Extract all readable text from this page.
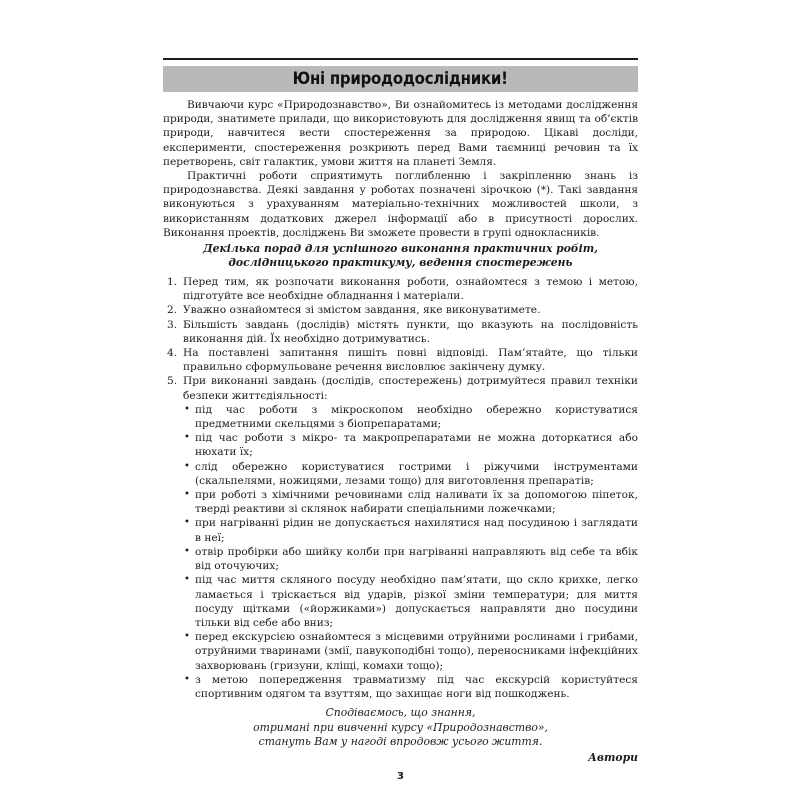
Юні природодослідники!

Вивчаючи курс «Природознавство», Ви ознайомитесь із методами дослідження природи, знатимете прилади, що використовують для дослідження явищ та об’єктів природи, навчитеся вести спостереження за природою. Цікаві досліди, експерименти, спостереження розкриють перед Вами таємниці речовин та їх перетворень, світ галактик, умови життя на планеті Земля.

Практичні роботи сприятимуть поглибленню і закріпленню знань із природознавства. Деякі завдання у роботах позначені зірочкою (*). Такі завдання виконуються з урахуванням матеріально-технічних можливостей школи, з використанням додаткових джерел інформації або в присутності дорослих. Виконання проектів, досліджень Ви зможете провести в групі однокласників.

Декілька порад для успішного виконання практичних робіт,
дослідницького практикуму, ведення спостережень
1. Перед тим, як розпочати виконання роботи, ознайомтеся з темою і метою, підготуйте все необхідне обладнання і матеріали.
2. Уважно ознайомтеся зі змістом завдання, яке виконуватимете.
3. Більшість завдань (дослідів) містять пункти, що вказують на послідовність виконання дій. Їх необхідно дотримуватись.
4. На поставлені запитання пишіть повні відповіді. Пам’ятайте, що тільки правильно сформульоване речення висловлює закінчену думку.
5. При виконанні завдань (дослідів, спостережень) дотримуйтеся правил техніки безпеки життєдіяльності:
• під час роботи з мікроскопом необхідно обережно користуватися предметними скельцями з біопрепаратами;
• під час роботи з мікро- та макропрепаратами не можна доторкатися або нюхати їх;
• слід обережно користуватися гострими і ріжучими інструментами (скальпелями, ножицями, лезами тощо) для виготовлення препаратів;
• при роботі з хімічними речовинами слід наливати їх за допомогою піпеток, тверді реактиви зі склянок набирати спеціальними ложечками;
• при нагріванні рідин не допускається нахилятися над посудиною і заглядати в неї;
• отвір пробірки або шийку колби при нагріванні направляють від себе та вбік від оточуючих;
• під час миття скляного посуду необхідно пам’ятати, що скло крихке, легко ламається і трiскається від ударів, різкої зміни температури; для миття посуду щітками («йоржиками») допускається направляти дно посудини тільки від себе або вниз;
• перед екскурсією ознайомтеся з місцевими отруйними рослинами і грибами, отруйними тваринами (змії, павукоподібні тощо), переносниками інфекційних захворювань (гризуни, кліщі, комахи тощо);
• з метою попередження травматизму під час екскурсій користуйтеся спортивним одягом та взуттям, що захищає ноги від пошкоджень.
Сподіваємось, що знання,
отримані при вивченні курсу «Природознавство»,
стануть Вам у нагоді впродовж усього життя.
Автори
3
